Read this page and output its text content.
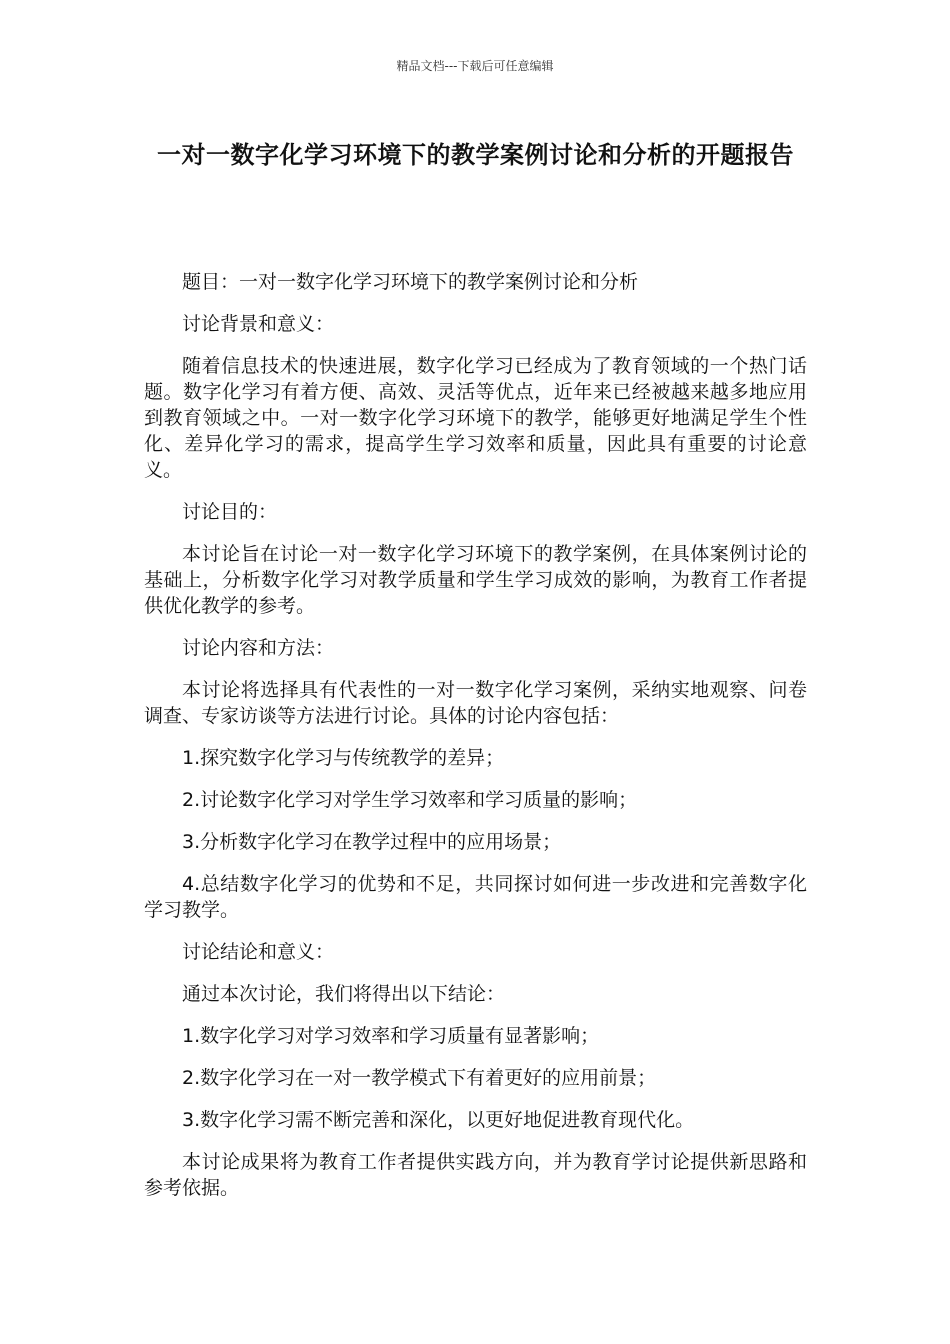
精品文档---下载后可任意编辑
一对一数字化学习环境下的教学案例讨论和分析的开题报告

题目：一对一数字化学习环境下的教学案例讨论和分析

讨论背景和意义：

随着信息技术的快速进展，数字化学习已经成为了教育领域的一个热门话题。数字化学习有着方便、高效、灵活等优点，近年来已经被越来越多地应用到教育领域之中。一对一数字化学习环境下的教学，能够更好地满足学生个性化、差异化学习的需求，提高学生学习效率和质量，因此具有重要的讨论意义。

讨论目的：

本讨论旨在讨论一对一数字化学习环境下的教学案例，在具体案例讨论的基础上，分析数字化学习对教学质量和学生学习成效的影响，为教育工作者提供优化教学的参考。

讨论内容和方法：

本讨论将选择具有代表性的一对一数字化学习案例，采纳实地观察、问卷调查、专家访谈等方法进行讨论。具体的讨论内容包括：

1.探究数字化学习与传统教学的差异；

2.讨论数字化学习对学生学习效率和学习质量的影响；

3.分析数字化学习在教学过程中的应用场景；

4.总结数字化学习的优势和不足，共同探讨如何进一步改进和完善数字化学习教学。

讨论结论和意义：

通过本次讨论，我们将得出以下结论：

1.数字化学习对学习效率和学习质量有显著影响；

2.数字化学习在一对一教学模式下有着更好的应用前景；

3.数字化学习需不断完善和深化，以更好地促进教育现代化。

本讨论成果将为教育工作者提供实践方向，并为教育学讨论提供新思路和参考依据。
